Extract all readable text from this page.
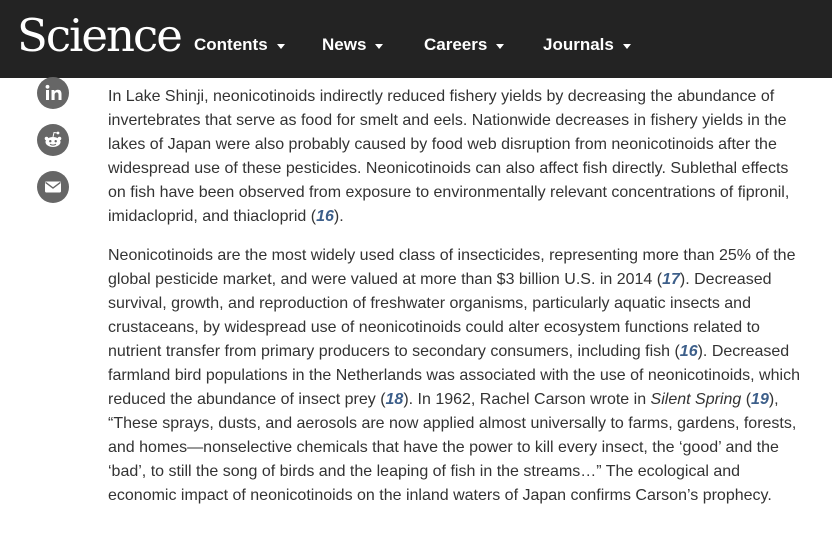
Science Contents	News	Careers	Journals

In Lake Shinji, neonicotinoids indirectly reduced fishery yields by decreasing the abundance of invertebrates that serve as food for smelt and eels. Nationwide decreases in fishery yields in the lakes of Japan were also probably caused by food web disruption from neonicotinoids after the widespread use of these pesticides. Neonicotinoids can also affect fish directly. Sublethal effects on fish have been observed from exposure to environmentally relevant concentrations of fipronil, imidacloprid, and thiacloprid (16).

Neonicotinoids are the most widely used class of insecticides, representing more than 25% of the global pesticide market, and were valued at more than $3 billion U.S. in 2014 (17). Decreased survival, growth, and reproduction of freshwater organisms, particularly aquatic insects and crustaceans, by widespread use of neonicotinoids could alter ecosystem functions related to nutrient transfer from primary producers to secondary consumers, including fish (16). Decreased farmland bird populations in the Netherlands was associated with the use of neonicotinoids, which reduced the abundance of insect prey (18). In 1962, Rachel Carson wrote in Silent Spring (19), “These sprays, dusts, and aerosols are now applied almost universally to farms, gardens, forests, and homes—nonselective chemicals that have the power to kill every insect, the ‘good’ and the ‘bad’, to still the song of birds and the leaping of fish in the streams…” The ecological and economic impact of neonicotinoids on the inland waters of Japan confirms Carson’s prophecy.
